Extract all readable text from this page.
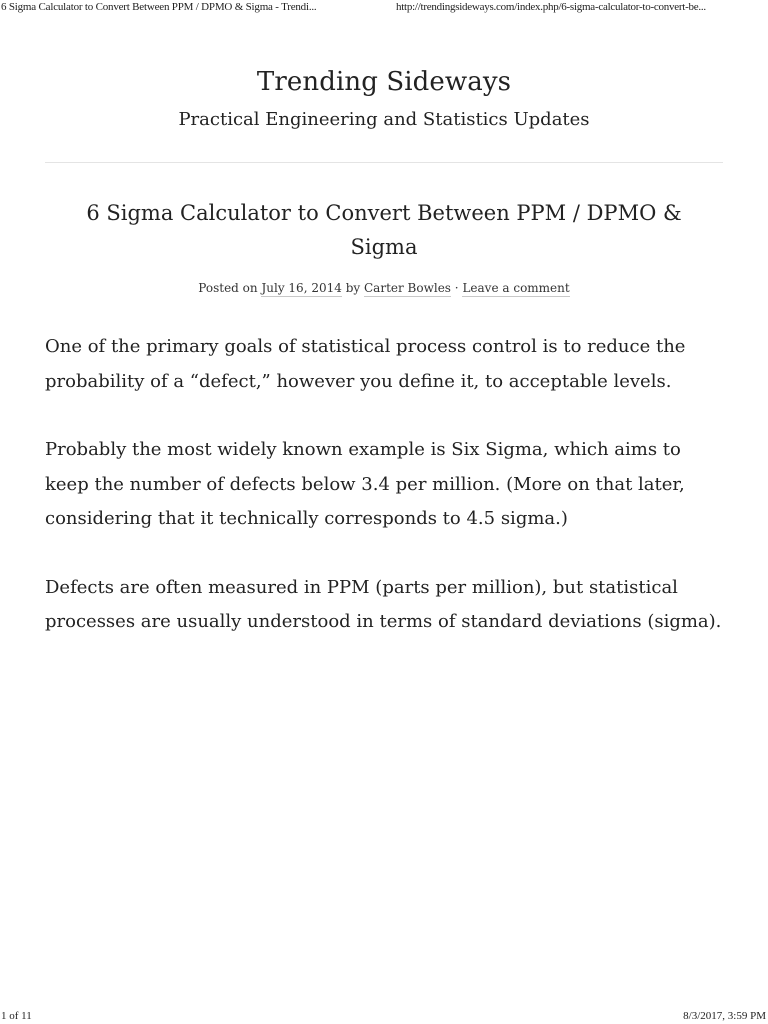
6 Sigma Calculator to Convert Between PPM / DPMO & Sigma - Trendi...	http://trendingsideways.com/index.php/6-sigma-calculator-to-convert-be...
Trending Sideways
Practical Engineering and Statistics Updates
6 Sigma Calculator to Convert Between PPM / DPMO & Sigma
Posted on July 16, 2014 by Carter Bowles · Leave a comment

One of the primary goals of statistical process control is to reduce the probability of a “defect,” however you define it, to acceptable levels.

Probably the most widely known example is Six Sigma, which aims to keep the number of defects below 3.4 per million. (More on that later, considering that it technically corresponds to 4.5 sigma.)

Defects are often measured in PPM (parts per million), but statistical processes are usually understood in terms of standard deviations (sigma).

1 of 11	8/3/2017, 3:59 PM
